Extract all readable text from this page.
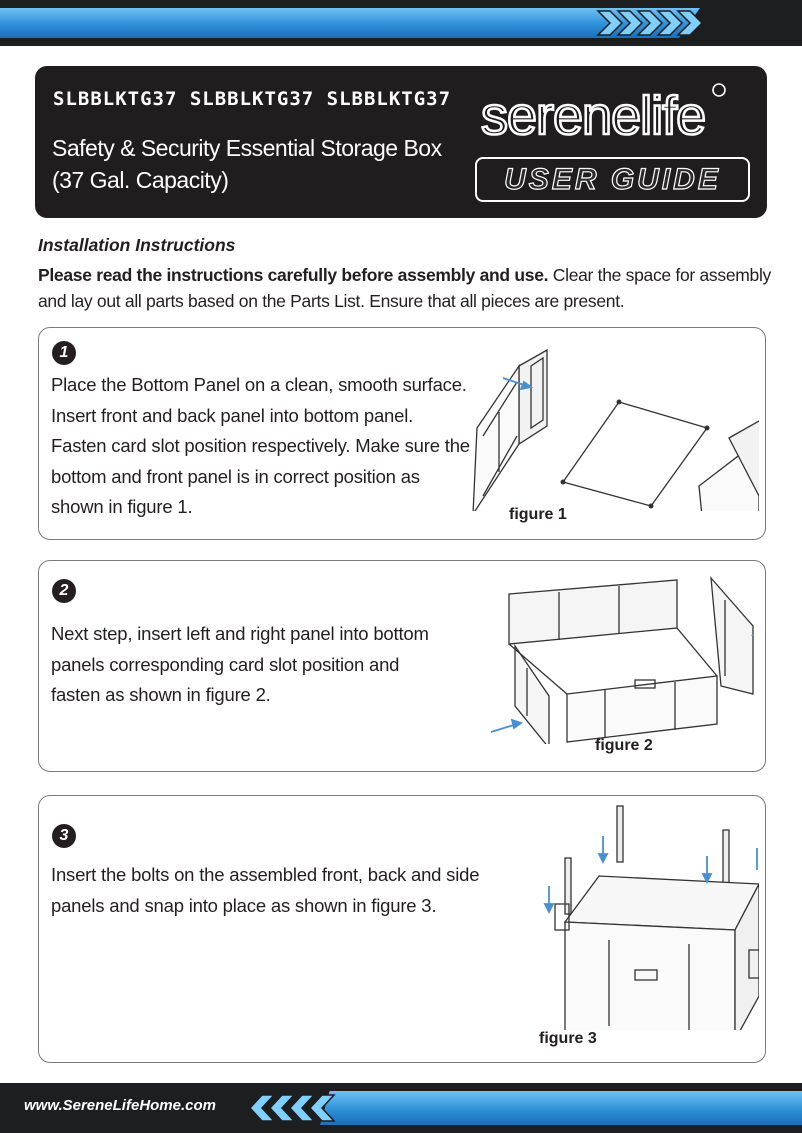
SLBBLKTG37 SLBBLKTG37 SLBBLKTG37
Safety & Security Essential Storage Box
(37 Gal. Capacity)
serenelife
USER GUIDE
Installation Instructions
Please read the instructions carefully before assembly and use. Clear the space for assembly and lay out all parts based on the Parts List. Ensure that all pieces are present.
1
Place the Bottom Panel on a clean, smooth surface. Insert front and back panel into bottom panel. Fasten card slot position respectively. Make sure the bottom and front panel is in correct position as shown in figure 1.	figure 1
2
Next step, insert left and right panel into bottom panels corresponding card slot position and fasten as shown in figure 2.
figure 2
3
Insert the bolts on the assembled front, back and side panels and snap into place as shown in figure 3.
figure 3
www.SereneLifeHome.com
